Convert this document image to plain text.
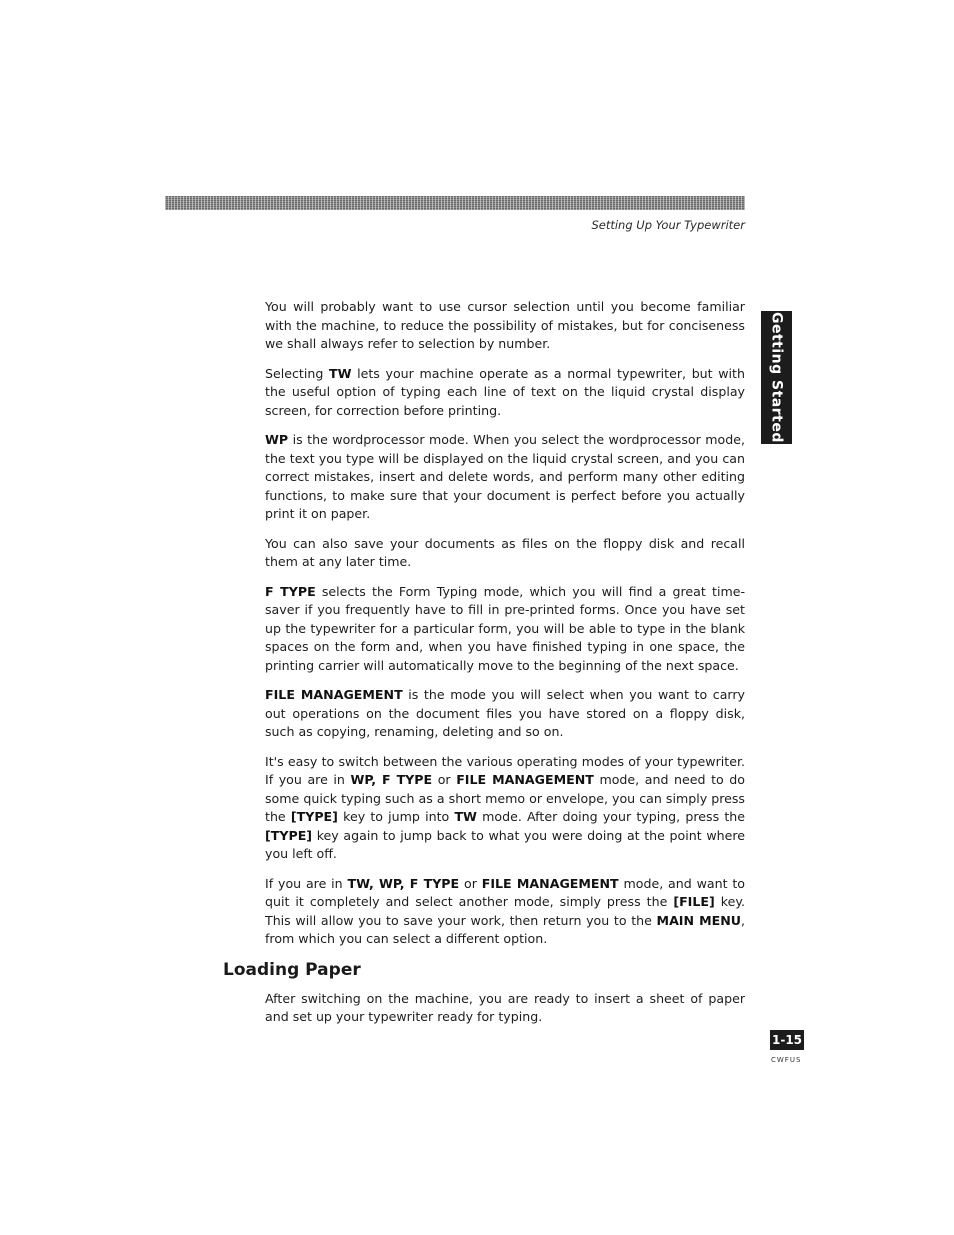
Setting Up Your Typewriter
Getting Started

You will probably want to use cursor selection until you become familiar with the machine, to reduce the possibility of mistakes, but for conciseness we shall always refer to selection by number.

Selecting TW lets your machine operate as a normal typewriter, but with the useful option of typing each line of text on the liquid crystal display screen, for correction before printing.

WP is the wordprocessor mode. When you select the wordprocessor mode, the text you type will be displayed on the liquid crystal screen, and you can correct mistakes, insert and delete words, and perform many other editing functions, to make sure that your document is perfect before you actually print it on paper.

You can also save your documents as files on the floppy disk and recall them at any later time.

F TYPE selects the Form Typing mode, which you will find a great time-saver if you frequently have to fill in pre-printed forms. Once you have set up the typewriter for a particular form, you will be able to type in the blank spaces on the form and, when you have finished typing in one space, the printing carrier will automatically move to the beginning of the next space.

FILE MANAGEMENT is the mode you will select when you want to carry out operations on the document files you have stored on a floppy disk, such as copying, renaming, deleting and so on.

It's easy to switch between the various operating modes of your typewriter. If you are in WP, F TYPE or FILE MANAGEMENT mode, and need to do some quick typing such as a short memo or envelope, you can simply press the [TYPE] key to jump into TW mode. After doing your typing, press the [TYPE] key again to jump back to what you were doing at the point where you left off.

If you are in TW, WP, F TYPE or FILE MANAGEMENT mode, and want to quit it completely and select another mode, simply press the [FILE] key. This will allow you to save your work, then return you to the MAIN MENU, from which you can select a different option.

Loading Paper

After switching on the machine, you are ready to insert a sheet of paper and set up your typewriter ready for typing.

1-15
CWFUS
